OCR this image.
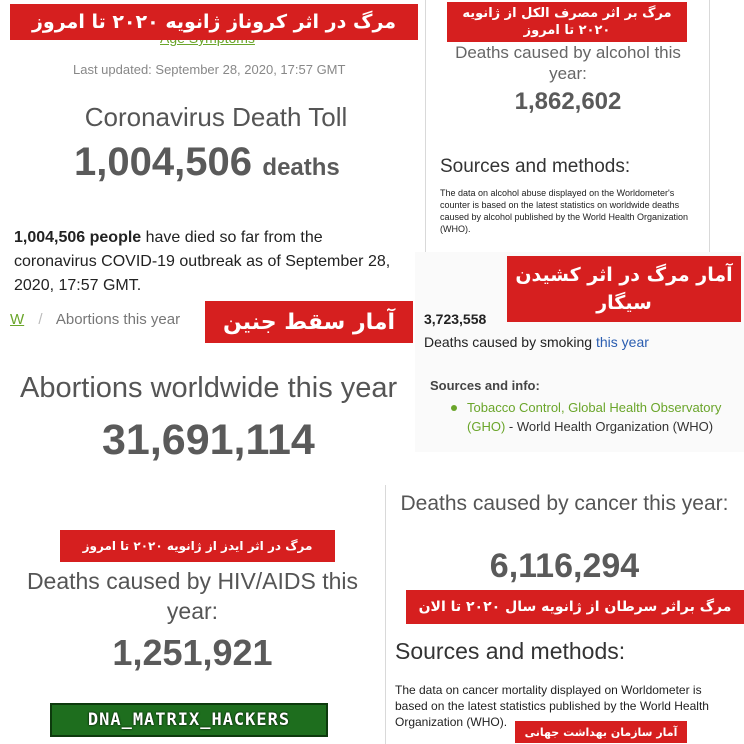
مرگ در اثر کروناز ژانویه ۲۰۲۰ تا امروز
Last updated: September 28, 2020, 17:57 GMT
Coronavirus Death Toll
1,004,506 deaths
1,004,506 people have died so far from the coronavirus COVID-19 outbreak as of September 28, 2020, 17:57 GMT.
مرگ بر اثر مصرف الکل از ژانویه
۲۰۲۰ تا امروز
Deaths caused by alcohol this year:
1,862,602
Sources and methods:
The data on alcohol abuse displayed on the Worldometer's counter is based on the latest statistics on worldwide deaths caused by alcohol published by the World Health Organization (WHO).
آمار مرگ در اثر کشیدن
سیگار
3,723,558
Deaths caused by smoking this year
Sources and info:
Tobacco Control, Global Health Observatory (GHO) - World Health Organization (WHO)
W / Abortions this year	آمار سقط جنین
Abortions worldwide this year
31,691,114
مرگ در اثر ایدز از ژانویه ۲۰۲۰ تا امروز
Deaths caused by HIV/AIDS this year:
1,251,921
DNA_MATRIX_HACKERS
Deaths caused by cancer this year:
6,116,294
مرگ براثر سرطان از ژانویه سال ۲۰۲۰ تا الان
Sources and methods:
The data on cancer mortality displayed on Worldometer is based on the latest statistics published by the World Health Organization (WHO).
آمار سازمان بهداشت جهانی
